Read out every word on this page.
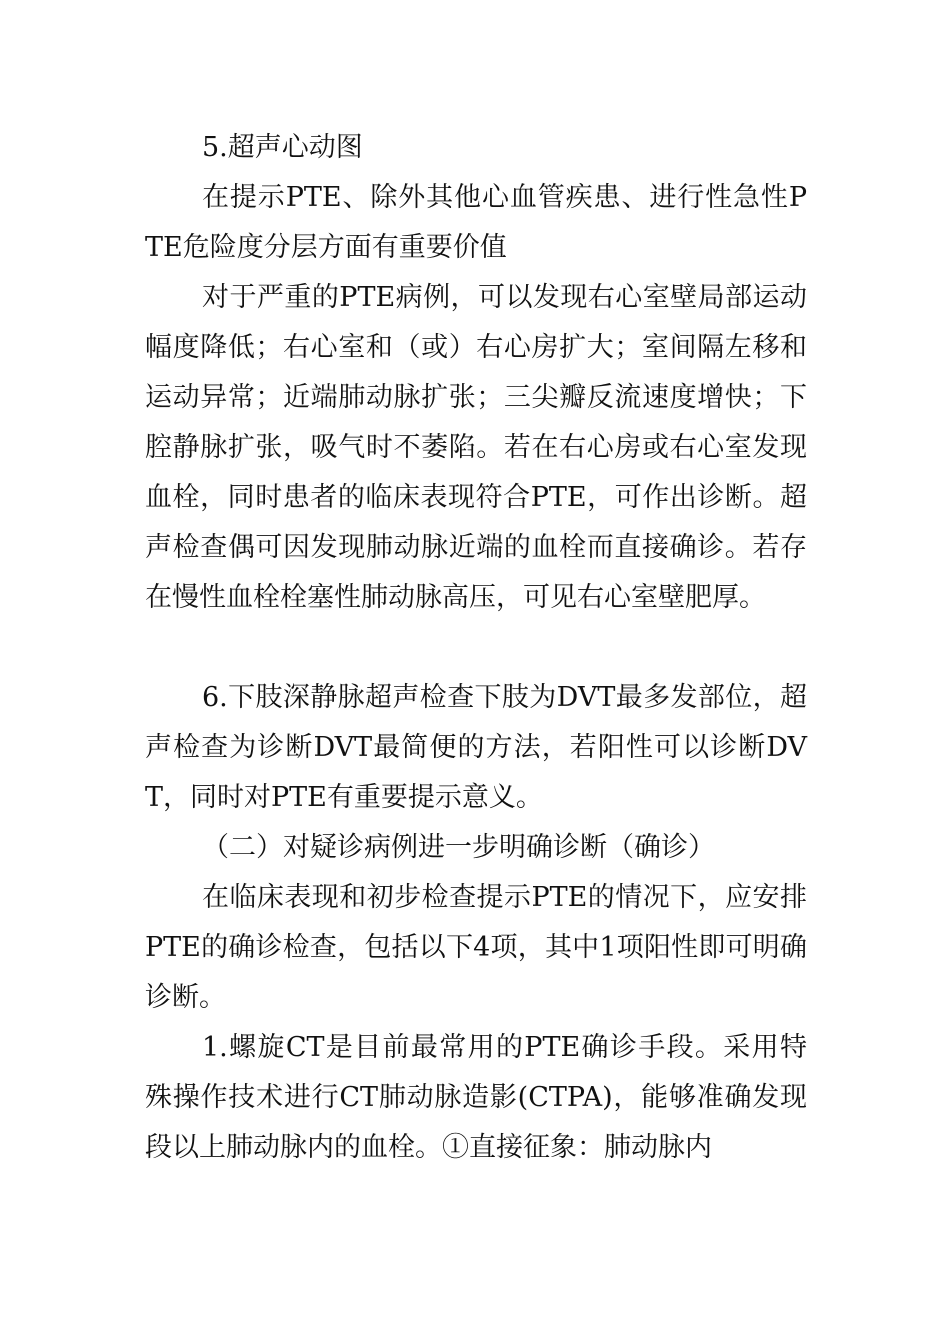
5.超声心动图

在提示PTE、除外其他心血管疾患、进行性急性PTE危险度分层方面有重要价值

对于严重的PTE病例，可以发现右心室壁局部运动幅度降低；右心室和（或）右心房扩大；室间隔左移和运动异常；近端肺动脉扩张；三尖瓣反流速度增快；下腔静脉扩张，吸气时不萎陷。若在右心房或右心室发现血栓，同时患者的临床表现符合PTE，可作出诊断。超声检查偶可因发现肺动脉近端的血栓而直接确诊。若存在慢性血栓栓塞性肺动脉高压，可见右心室壁肥厚。

6.下肢深静脉超声检查下肢为DVT最多发部位，超声检查为诊断DVT最简便的方法，若阳性可以诊断DVT，同时对PTE有重要提示意义。

（二）对疑诊病例进一步明确诊断（确诊）

在临床表现和初步检查提示PTE的情况下，应安排PTE的确诊检查，包括以下4项，其中1项阳性即可明确诊断。

1.螺旋CT是目前最常用的PTE确诊手段。采用特殊操作技术进行CT肺动脉造影(CTPA)，能够准确发现段以上肺动脉内的血栓。①直接征象：肺动脉内
